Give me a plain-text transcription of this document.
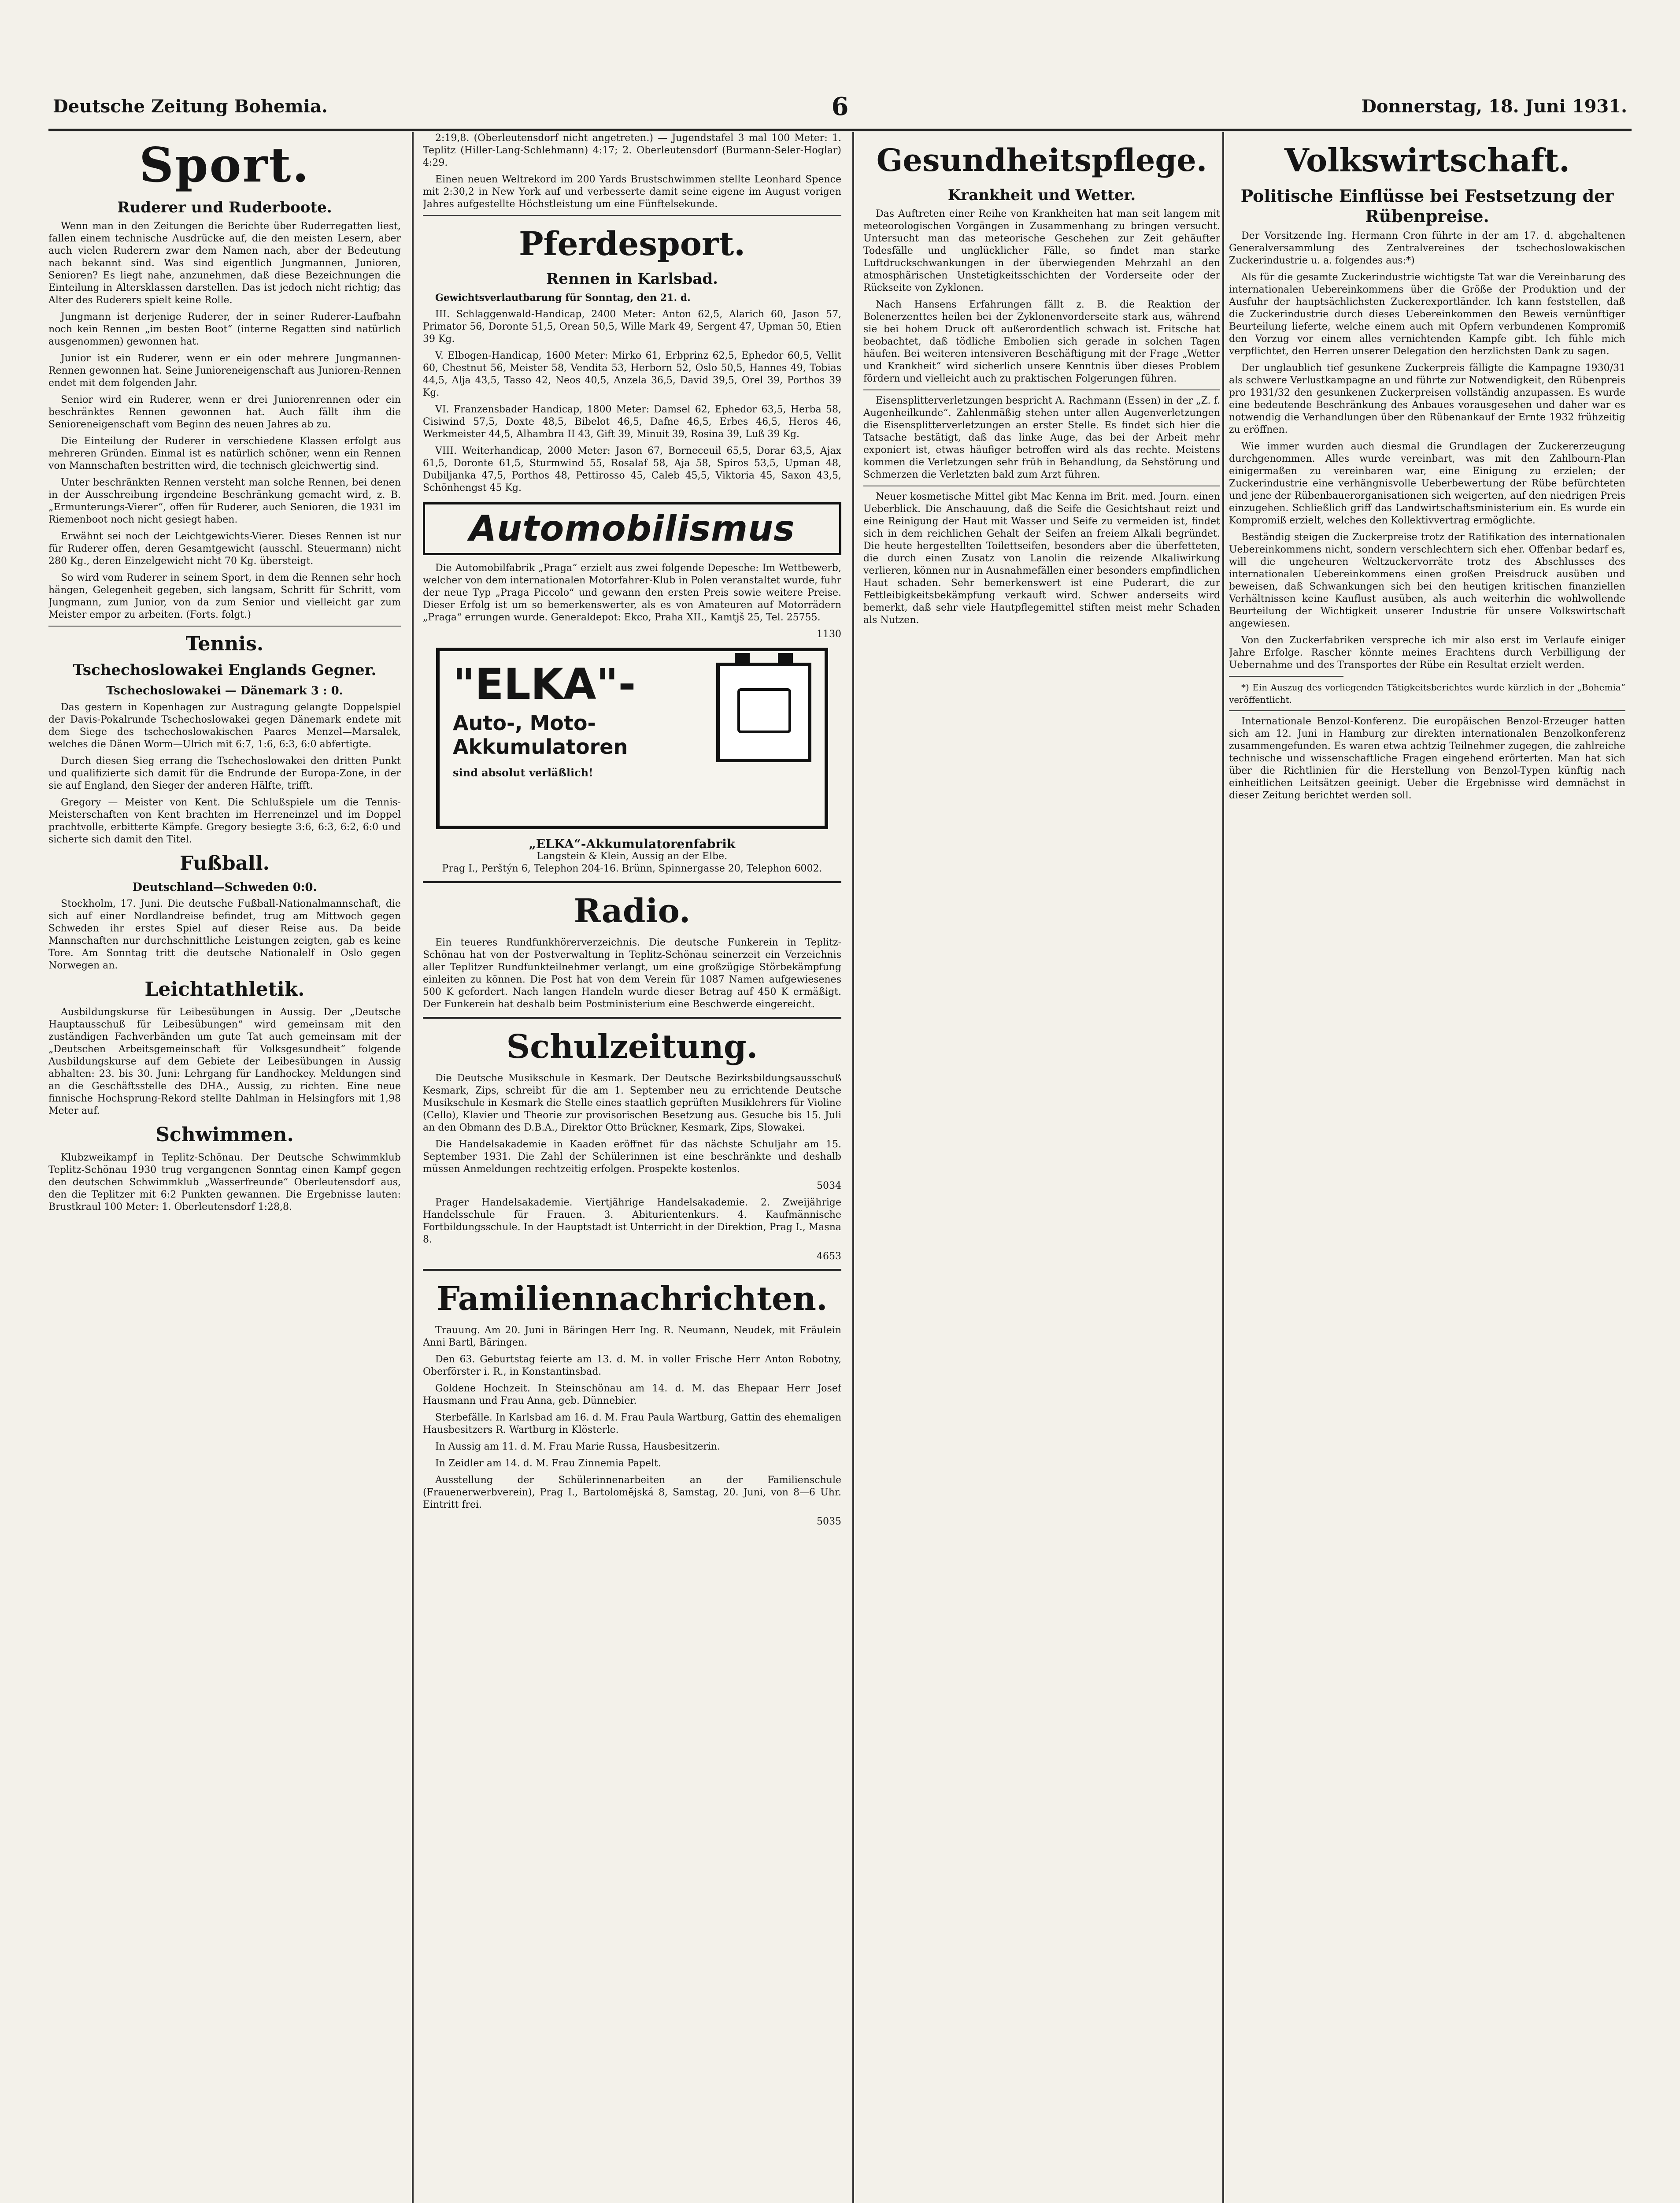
Deutsche Zeitung Bohemia.	6	Donnerstag, 18. Juni 1931.
Sport.
Ruderer und Ruderboote.

Wenn man in den Zeitungen die Berichte über Ruderregatten liest, fallen einem technische Ausdrücke auf, die den meisten Lesern, aber auch vielen Ruderern zwar dem Namen nach, aber der Bedeutung nach bekannt sind. Was sind eigentlich Jungmannen, Junioren, Senioren? Es liegt nahe, anzunehmen, daß diese Bezeichnungen die Einteilung in Altersklassen darstellen. Das ist jedoch nicht richtig; das Alter des Ruderers spielt keine Rolle.

Jungmann ist derjenige Ruderer, der in seiner Ruderer-Laufbahn noch kein Rennen „im besten Boot“ (interne Regatten sind natürlich ausgenommen) gewonnen hat.

Junior ist ein Ruderer, wenn er ein oder mehrere Jungmannen-Rennen gewonnen hat. Seine Junioreneigenschaft aus Junioren-Rennen endet mit dem folgenden Jahr.

Senior wird ein Ruderer, wenn er drei Juniorenrennen oder ein beschränktes Rennen gewonnen hat. Auch fällt ihm die Senioreneigenschaft vom Beginn des neuen Jahres ab zu.

Die Einteilung der Ruderer in verschiedene Klassen erfolgt aus mehreren Gründen. Einmal ist es natürlich schöner, wenn ein Rennen von Mannschaften bestritten wird, die technisch gleichwertig sind.

Unter beschränkten Rennen versteht man solche Rennen, bei denen in der Ausschreibung irgendeine Beschränkung gemacht wird, z. B. „Ermunterungs-Vierer“, offen für Ruderer, auch Senioren, die 1931 im Riemenboot noch nicht gesiegt haben.

Erwähnt sei noch der Leichtgewichts-Vierer. Dieses Rennen ist nur für Ruderer offen, deren Gesamtgewicht (ausschl. Steuermann) nicht 280 Kg., deren Einzelgewicht nicht 70 Kg. übersteigt.

So wird vom Ruderer in seinem Sport, in dem die Rennen sehr hoch hängen, Gelegenheit gegeben, sich langsam, Schritt für Schritt, vom Jungmann, zum Junior, von da zum Senior und vielleicht gar zum Meister empor zu arbeiten. (Forts. folgt.)

Tennis.
Tschechoslowakei Englands Gegner.
Tschechoslowakei — Dänemark 3 : 0.

Das gestern in Kopenhagen zur Austragung gelangte Doppelspiel der Davis-Pokalrunde Tschechoslowakei gegen Dänemark endete mit dem Siege des tschechoslowakischen Paares Menzel—Marsalek, welches die Dänen Worm—Ulrich mit 6:7, 1:6, 6:3, 6:0 abfertigte.

Durch diesen Sieg errang die Tschechoslowakei den dritten Punkt und qualifizierte sich damit für die Endrunde der Europa-Zone, in der sie auf England, den Sieger der anderen Hälfte, trifft.

Gregory — Meister von Kent. Die Schlußspiele um die Tennis-Meisterschaften von Kent brachten im Herreneinzel und im Doppel prachtvolle, erbitterte Kämpfe. Gregory besiegte 3:6, 6:3, 6:2, 6:0 und sicherte sich damit den Titel.

Fußball.
Deutschland—Schweden 0:0.

Stockholm, 17. Juni. Die deutsche Fußball-Nationalmannschaft, die sich auf einer Nordlandreise befindet, trug am Mittwoch gegen Schweden ihr erstes Spiel auf dieser Reise aus. Da beide Mannschaften nur durchschnittliche Leistungen zeigten, gab es keine Tore. Am Sonntag tritt die deutsche Nationalelf in Oslo gegen Norwegen an.

Leichtathletik.

Ausbildungskurse für Leibesübungen in Aussig. Der „Deutsche Hauptausschuß für Leibesübungen“ wird gemeinsam mit den zuständigen Fachverbänden um gute Tat auch gemeinsam mit der „Deutschen Arbeitsgemeinschaft für Volksgesundheit“ folgende Ausbildungskurse auf dem Gebiete der Leibesübungen in Aussig abhalten: 23. bis 30. Juni: Lehrgang für Landhockey. Meldungen sind an die Geschäftsstelle des DHA., Aussig, zu richten. Eine neue finnische Hochsprung-Rekord stellte Dahlman in Helsingfors mit 1,98 Meter auf.

Schwimmen.

Klubzweikampf in Teplitz-Schönau. Der Deutsche Schwimmklub Teplitz-Schönau 1930 trug vergangenen Sonntag einen Kampf gegen den deutschen Schwimmklub „Wasserfreunde“ Oberleutensdorf aus, den die Teplitzer mit 6:2 Punkten gewannen. Die Ergebnisse lauten: Brustkraul 100 Meter: 1. Oberleutensdorf 1:28,8.

2:19,8. (Oberleutensdorf nicht angetreten.) — Jugendstafel 3 mal 100 Meter: 1. Teplitz (Hiller-Lang-Schlehmann) 4:17; 2. Oberleutensdorf (Burmann-Seler-Hoglar) 4:29.

Einen neuen Weltrekord im 200 Yards Brustschwimmen stellte Leonhard Spence mit 2:30,2 in New York auf und verbesserte damit seine eigene im August vorigen Jahres aufgestellte Höchstleistung um eine Fünftelsekunde.

Pferdesport.
Rennen in Karlsbad.

Gewichtsverlautbarung für Sonntag, den 21. d.

III. Schlaggenwald-Handicap, 2400 Meter: Anton 62,5, Alarich 60, Jason 57, Primator 56, Doronte 51,5, Orean 50,5, Wille Mark 49, Sergent 47, Upman 50, Etien 39 Kg.

V. Elbogen-Handicap, 1600 Meter: Mirko 61, Erbprinz 62,5, Ephedor 60,5, Vellit 60, Chestnut 56, Meister 58, Vendita 53, Herborn 52, Oslo 50,5, Hannes 49, Tobias 44,5, Alja 43,5, Tasso 42, Neos 40,5, Anzela 36,5, David 39,5, Orel 39, Porthos 39 Kg.

VI. Franzensbader Handicap, 1800 Meter: Damsel 62, Ephedor 63,5, Herba 58, Cisiwind 57,5, Doxte 48,5, Bibelot 46,5, Dafne 46,5, Erbes 46,5, Heros 46, Werkmeister 44,5, Alhambra II 43, Gift 39, Minuit 39, Rosina 39, Luß 39 Kg.

VIII. Weiterhandicap, 2000 Meter: Jason 67, Borneceuil 65,5, Dorar 63,5, Ajax 61,5, Doronte 61,5, Sturmwind 55, Rosalaf 58, Aja 58, Spiros 53,5, Upman 48, Dubiljanka 47,5, Porthos 48, Pettirosso 45, Caleb 45,5, Viktoria 45, Saxon 43,5, Schönhengst 45 Kg.

Automobilismus

Die Automobilfabrik „Praga“ erzielt aus zwei folgende Depesche: Im Wettbewerb, welcher von dem internationalen Motorfahrer-Klub in Polen veranstaltet wurde, fuhr der neue Typ „Praga Piccolo“ und gewann den ersten Preis sowie weitere Preise. Dieser Erfolg ist um so bemerkenswerter, als es von Amateuren auf Motorrädern „Praga“ errungen wurde. Generaldepot: Ekco, Praha XII., Kamtjš 25, Tel. 25755.

1130

"ELKA"-
Auto-, Moto-
Akkumulatoren
sind absolut verläßlich!
„ELKA“-Akkumulatorenfabrik
Langstein & Klein, Aussig an der Elbe.
Prag I., Perštýn 6, Telephon 204-16. Brünn, Spinnergasse 20, Telephon 6002.
Radio.

Ein teueres Rundfunkhörerverzeichnis. Die deutsche Funkerein in Teplitz-Schönau hat von der Postverwaltung in Teplitz-Schönau seinerzeit ein Verzeichnis aller Teplitzer Rundfunkteilnehmer verlangt, um eine großzügige Störbekämpfung einleiten zu können. Die Post hat von dem Verein für 1087 Namen aufgewiesenes 500 K gefordert. Nach langen Handeln wurde dieser Betrag auf 450 K ermäßigt. Der Funkerein hat deshalb beim Postministerium eine Beschwerde eingereicht.

Schulzeitung.

Die Deutsche Musikschule in Kesmark. Der Deutsche Bezirksbildungsausschuß Kesmark, Zips, schreibt für die am 1. September neu zu errichtende Deutsche Musikschule in Kesmark die Stelle eines staatlich geprüften Musiklehrers für Violine (Cello), Klavier und Theorie zur provisorischen Besetzung aus. Gesuche bis 15. Juli an den Obmann des D.B.A., Direktor Otto Brückner, Kesmark, Zips, Slowakei.

Die Handelsakademie in Kaaden eröffnet für das nächste Schuljahr am 15. September 1931. Die Zahl der Schülerinnen ist eine beschränkte und deshalb müssen Anmeldungen rechtzeitig erfolgen. Prospekte kostenlos.

5034

Prager Handelsakademie. Viertjährige Handelsakademie. 2. Zweijährige Handelsschule für Frauen. 3. Abiturientenkurs. 4. Kaufmännische Fortbildungsschule. In der Hauptstadt ist Unterricht in der Direktion, Prag I., Masna 8.

4653

Familiennachrichten.

Trauung. Am 20. Juni in Bäringen Herr Ing. R. Neumann, Neudek, mit Fräulein Anni Bartl, Bäringen.

Den 63. Geburtstag feierte am 13. d. M. in voller Frische Herr Anton Robotny, Oberförster i. R., in Konstantinsbad.

Goldene Hochzeit. In Steinschönau am 14. d. M. das Ehepaar Herr Josef Hausmann und Frau Anna, geb. Dünnebier.

Sterbefälle. In Karlsbad am 16. d. M. Frau Paula Wartburg, Gattin des ehemaligen Hausbesitzers R. Wartburg in Klösterle.

In Aussig am 11. d. M. Frau Marie Russa, Hausbesitzerin.

In Zeidler am 14. d. M. Frau Zinnemia Papelt.

Ausstellung der Schülerinnenarbeiten an der Familienschule (Frauenerwerbverein), Prag I., Bartolomějská 8, Samstag, 20. Juni, von 8—6 Uhr. Eintritt frei.

5035

Gesundheitspflege.
Krankheit und Wetter.

Das Auftreten einer Reihe von Krankheiten hat man seit langem mit meteorologischen Vorgängen in Zusammenhang zu bringen versucht. Untersucht man das meteorische Geschehen zur Zeit gehäufter Todesfälle und unglücklicher Fälle, so findet man starke Luftdruckschwankungen in der überwiegenden Mehrzahl an den atmosphärischen Unstetigkeitsschichten der Vorderseite oder der Rückseite von Zyklonen.

Nach Hansens Erfahrungen fällt z. B. die Reaktion der Bolenerzenttes heilen bei der Zyklonenvorderseite stark aus, während sie bei hohem Druck oft außerordentlich schwach ist. Fritsche hat beobachtet, daß tödliche Embolien sich gerade in solchen Tagen häufen. Bei weiteren intensiveren Beschäftigung mit der Frage „Wetter und Krankheit“ wird sicherlich unsere Kenntnis über dieses Problem fördern und vielleicht auch zu praktischen Folgerungen führen.

Eisensplitterverletzungen bespricht A. Rachmann (Essen) in der „Z. f. Augenheilkunde“. Zahlenmäßig stehen unter allen Augenverletzungen die Eisensplitterverletzungen an erster Stelle. Es findet sich hier die Tatsache bestätigt, daß das linke Auge, das bei der Arbeit mehr exponiert ist, etwas häufiger betroffen wird als das rechte. Meistens kommen die Verletzungen sehr früh in Behandlung, da Sehstörung und Schmerzen die Verletzten bald zum Arzt führen.

Neuer kosmetische Mittel gibt Mac Kenna im Brit. med. Journ. einen Ueberblick. Die Anschauung, daß die Seife die Gesichtshaut reizt und eine Reinigung der Haut mit Wasser und Seife zu vermeiden ist, findet sich in dem reichlichen Gehalt der Seifen an freiem Alkali begründet. Die heute hergestellten Toilettseifen, besonders aber die überfetteten, die durch einen Zusatz von Lanolin die reizende Alkaliwirkung verlieren, können nur in Ausnahmefällen einer besonders empfindlichen Haut schaden. Sehr bemerkenswert ist eine Puderart, die zur Fettleibigkeitsbekämpfung verkauft wird. Schwer anderseits wird bemerkt, daß sehr viele Hautpflegemittel stiften meist mehr Schaden als Nutzen.

Volkswirtschaft.
Politische Einflüsse bei Festsetzung der Rübenpreise.

Der Vorsitzende Ing. Hermann Cron führte in der am 17. d. abgehaltenen Generalversammlung des Zentralvereines der tschechoslowakischen Zuckerindustrie u. a. folgendes aus:*)

Als für die gesamte Zuckerindustrie wichtigste Tat war die Vereinbarung des internationalen Uebereinkommens über die Größe der Produktion und der Ausfuhr der hauptsächlichsten Zuckerexportländer. Ich kann feststellen, daß die Zuckerindustrie durch dieses Uebereinkommen den Beweis vernünftiger Beurteilung lieferte, welche einem auch mit Opfern verbundenen Kompromiß den Vorzug vor einem alles vernichtenden Kampfe gibt. Ich fühle mich verpflichtet, den Herren unserer Delegation den herzlichsten Dank zu sagen.

Der unglaublich tief gesunkene Zuckerpreis fälligte die Kampagne 1930/31 als schwere Verlustkampagne an und führte zur Notwendigkeit, den Rübenpreis pro 1931/32 den gesunkenen Zuckerpreisen vollständig anzupassen. Es wurde eine bedeutende Beschränkung des Anbaues vorausgesehen und daher war es notwendig die Verhandlungen über den Rübenankauf der Ernte 1932 frühzeitig zu eröffnen.

Wie immer wurden auch diesmal die Grundlagen der Zuckererzeugung durchgenommen. Alles wurde vereinbart, was mit den Zahlbourn-Plan einigermaßen zu vereinbaren war, eine Einigung zu erzielen; der Zuckerindustrie eine verhängnisvolle Ueberbewertung der Rübe befürchteten und jene der Rübenbauerorganisationen sich weigerten, auf den niedrigen Preis einzugehen. Schließlich griff das Landwirtschaftsministerium ein. Es wurde ein Kompromiß erzielt, welches den Kollektivvertrag ermöglichte.

Beständig steigen die Zuckerpreise trotz der Ratifikation des internationalen Uebereinkommens nicht, sondern verschlechtern sich eher. Offenbar bedarf es, will die ungeheuren Weltzuckervorräte trotz des Abschlusses des internationalen Uebereinkommens einen großen Preisdruck ausüben und beweisen, daß Schwankungen sich bei den heutigen kritischen finanziellen Verhältnissen keine Kauflust ausüben, als auch weiterhin die wohlwollende Beurteilung der Wichtigkeit unserer Industrie für unsere Volkswirtschaft angewiesen.

Von den Zuckerfabriken verspreche ich mir also erst im Verlaufe einiger Jahre Erfolge. Rascher könnte meines Erachtens durch Verbilligung der Uebernahme und des Transportes der Rübe ein Resultat erzielt werden.

*) Ein Auszug des vorliegenden Tätigkeitsberichtes wurde kürzlich in der „Bohemia“ veröffentlicht.

Internationale Benzol-Konferenz. Die europäischen Benzol-Erzeuger hatten sich am 12. Juni in Hamburg zur direkten internationalen Benzolkonferenz zusammengefunden. Es waren etwa achtzig Teilnehmer zugegen, die zahlreiche technische und wissenschaftliche Fragen eingehend erörterten. Man hat sich über die Richtlinien für die Herstellung von Benzol-Typen künftig nach einheitlichen Leitsätzen geeinigt. Ueber die Ergebnisse wird demnächst in dieser Zeitung berichtet werden soll.
